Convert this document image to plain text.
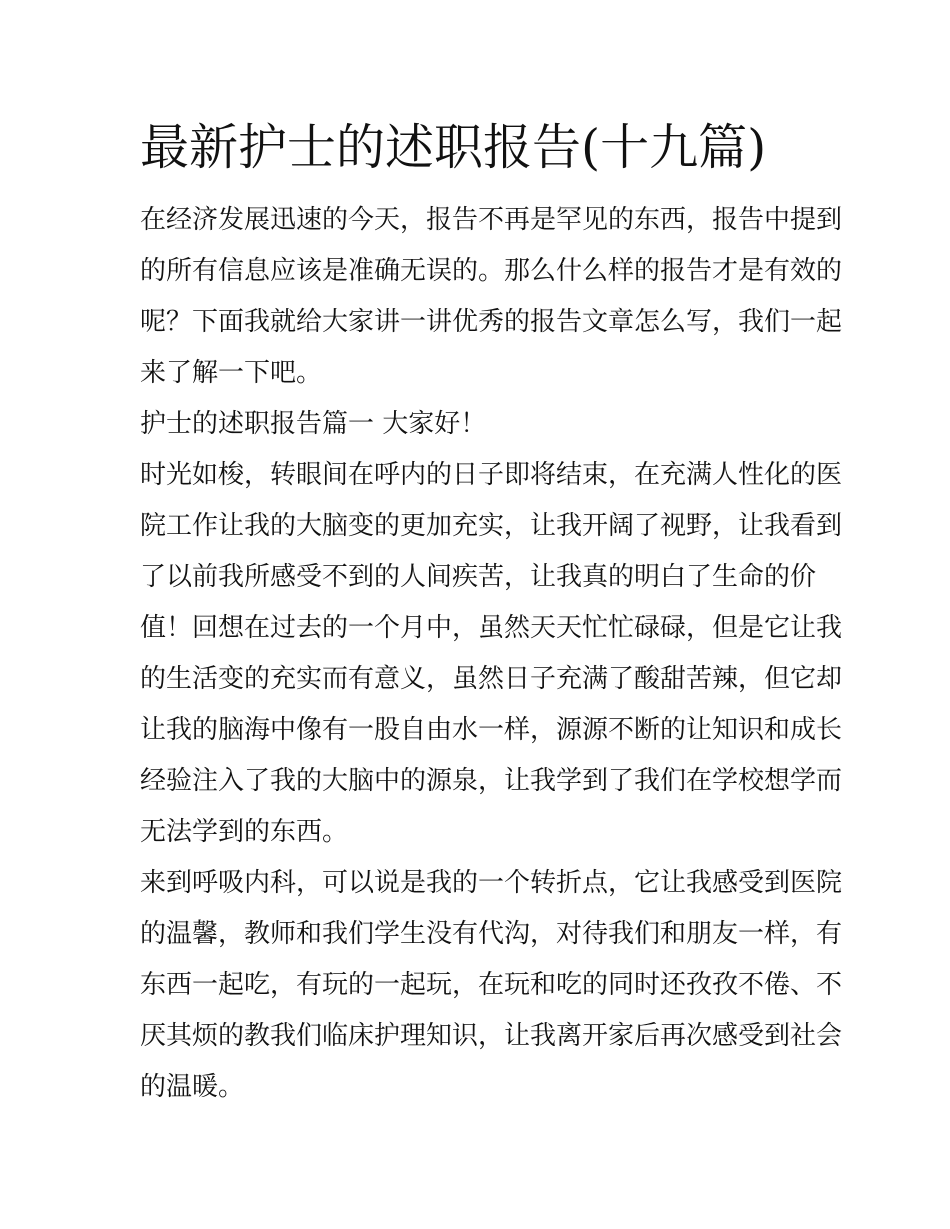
最新护士的述职报告(十九篇)

在经济发展迅速的今天，报告不再是罕见的东西，报告中提到

的所有信息应该是准确无误的。那么什么样的报告才是有效的

呢？下面我就给大家讲一讲优秀的报告文章怎么写，我们一起

来了解一下吧。

护士的述职报告篇一 大家好！

时光如梭，转眼间在呼内的日子即将结束，在充满人性化的医

院工作让我的大脑变的更加充实，让我开阔了视野，让我看到

了以前我所感受不到的人间疾苦，让我真的明白了生命的价

值！回想在过去的一个月中，虽然天天忙忙碌碌，但是它让我

的生活变的充实而有意义，虽然日子充满了酸甜苦辣，但它却

让我的脑海中像有一股自由水一样，源源不断的让知识和成长

经验注入了我的大脑中的源泉，让我学到了我们在学校想学而

无法学到的东西。

来到呼吸内科，可以说是我的一个转折点，它让我感受到医院

的温馨，教师和我们学生没有代沟，对待我们和朋友一样，有

东西一起吃，有玩的一起玩，在玩和吃的同时还孜孜不倦、不

厌其烦的教我们临床护理知识，让我离开家后再次感受到社会

的温暖。
